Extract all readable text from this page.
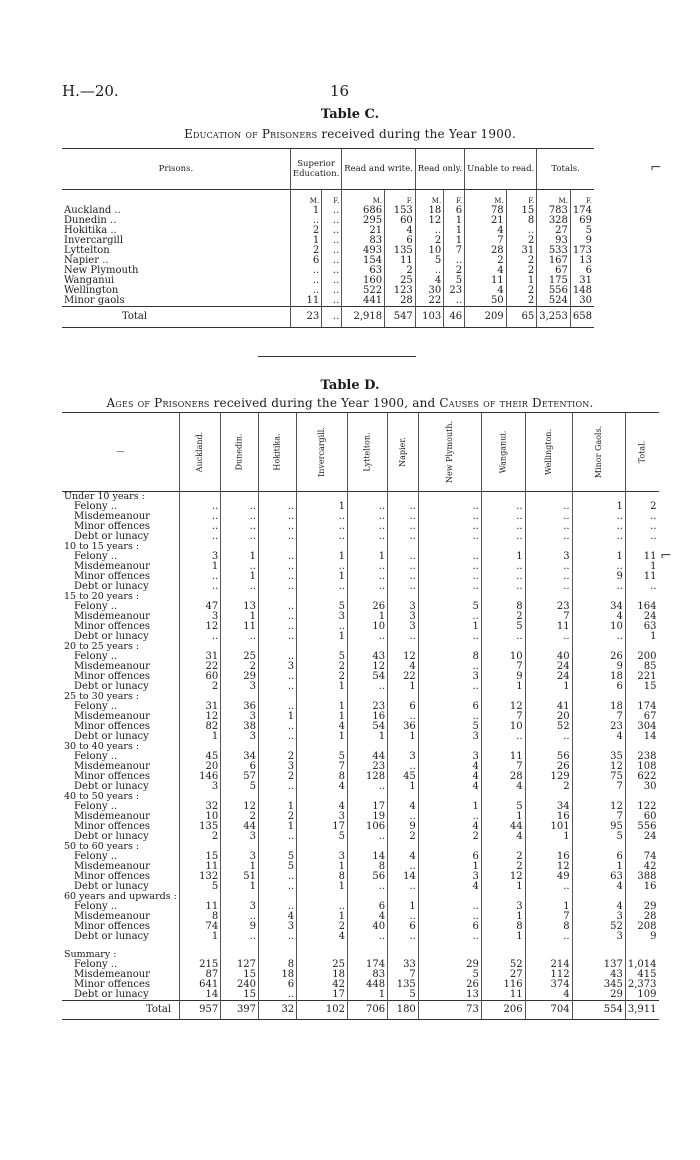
H.—20.	16
Table C.
Education of Prisoners received during the Year 1900.
Prisons.	Superior Education.		Read and write.		Read only.		Unable to read.		Totals.	
	M.	F.	M.	F.	M.	F.	M.	F.	M.	F.
Auckland ..	1	..	686	153	18	6	78	15	783	174
Dunedin ..	..	..	295	60	12	1	21	8	328	69
Hokitika ..	2	..	21	4	..	1	4	..	27	5
Invercargill	1	..	83	6	2	1	7	2	93	9
Lyttelton	2	..	493	135	10	7	28	31	533	173
Napier ..	6	..	154	11	5	..	2	2	167	13
New Plymouth	..	..	63	2	..	2	4	2	67	6
Wanganui	..	..	160	25	4	5	11	1	175	31
Wellington	..	..	522	123	30	23	4	2	556	148
Minor gaols	11	..	441	28	22	..	50	2	524	30
Total	23	..	2,918	547	103	46	209	65	3,253	658
Table D.
Ages of Prisoners received during the Year 1900, and Causes of their Detention.
—	Auckland.	Dunedin.	Hokitika.	Invercargill.	Lyttelton.	Napier.	New Plymouth.	Wanganui.	Wellington.	Minor Gaols.	Total.
Under 10 years :											
Felony ..	..	..	..	1	..	..	..	..	..	1	2
Misdemeanour	..	..	..	..	..	..	..	..	..	..	..
Minor offences	..	..	..	..	..	..	..	..	..	..	..
Debt or lunacy	..	..	..	..	..	..	..	..	..	..	..
10 to 15 years :											
Felony ..	3	1	..	1	1	..	..	1	3	1	11
Misdemeanour	1	..	..	..	..	..	..	..	..	..	1
Minor offences	..	1	..	1	..	..	..	..	..	9	11
Debt or lunacy	..	..	..	..	..	..	..	..	..	..	..
15 to 20 years :											
Felony ..	47	13	..	5	26	3	5	8	23	34	164
Misdemeanour	3	1	..	3	1	3	..	2	7	4	24
Minor offences	12	11	..	..	10	3	1	5	11	10	63
Debt or lunacy	..	..	..	1	..	..	..	..	..	..	1
20 to 25 years :											
Felony ..	31	25	..	5	43	12	8	10	40	26	200
Misdemeanour	22	2	3	2	12	4	..	7	24	9	85
Minor offences	60	29	..	2	54	22	3	9	24	18	221
Debt or lunacy	2	3	..	1	..	1	..	1	1	6	15
25 to 30 years :											
Felony ..	31	36	..	1	23	6	6	12	41	18	174
Misdemeanour	12	3	1	1	16	..	..	7	20	7	67
Minor offences	82	38	..	4	54	36	5	10	52	23	304
Debt or lunacy	1	3	..	1	1	1	3	..	..	4	14
30 to 40 years :											
Felony ..	45	34	2	5	44	3	3	11	56	35	238
Misdemeanour	20	6	3	7	23	..	4	7	26	12	108
Minor offences	146	57	2	8	128	45	4	28	129	75	622
Debt or lunacy	3	5	..	4	..	1	4	4	2	7	30
40 to 50 years :											
Felony ..	32	12	1	4	17	4	1	5	34	12	122
Misdemeanour	10	2	2	3	19	..	..	1	16	7	60
Minor offences	135	44	1	17	106	9	4	44	101	95	556
Debt or lunacy	2	3	..	5	..	2	2	4	1	5	24
50 to 60 years :											
Felony ..	15	3	5	3	14	4	6	2	16	6	74
Misdemeanour	11	1	5	1	8	..	1	2	12	1	42
Minor offences	132	51	..	8	56	14	3	12	49	63	388
Debt or lunacy	5	1	..	1	..	..	4	1	..	4	16
60 years and upwards :											
Felony ..	11	3	..	..	6	1	..	3	1	4	29
Misdemeanour	8	..	4	1	4	..	..	1	7	3	28
Minor offences	74	9	3	2	40	6	6	8	8	52	208
Debt or lunacy	1	..	..	4	..	..	..	1	..	3	9

Summary :											
Felony ..	215	127	8	25	174	33	29	52	214	137	1,014
Misdemeanour	87	15	18	18	83	7	5	27	112	43	415
Minor offences	641	240	6	42	448	135	26	116	374	345	2,373
Debt or lunacy	14	15	..	17	1	5	13	11	4	29	109
Total	957	397	32	102	706	180	73	206	704	554	3,911
⌐
⌐
